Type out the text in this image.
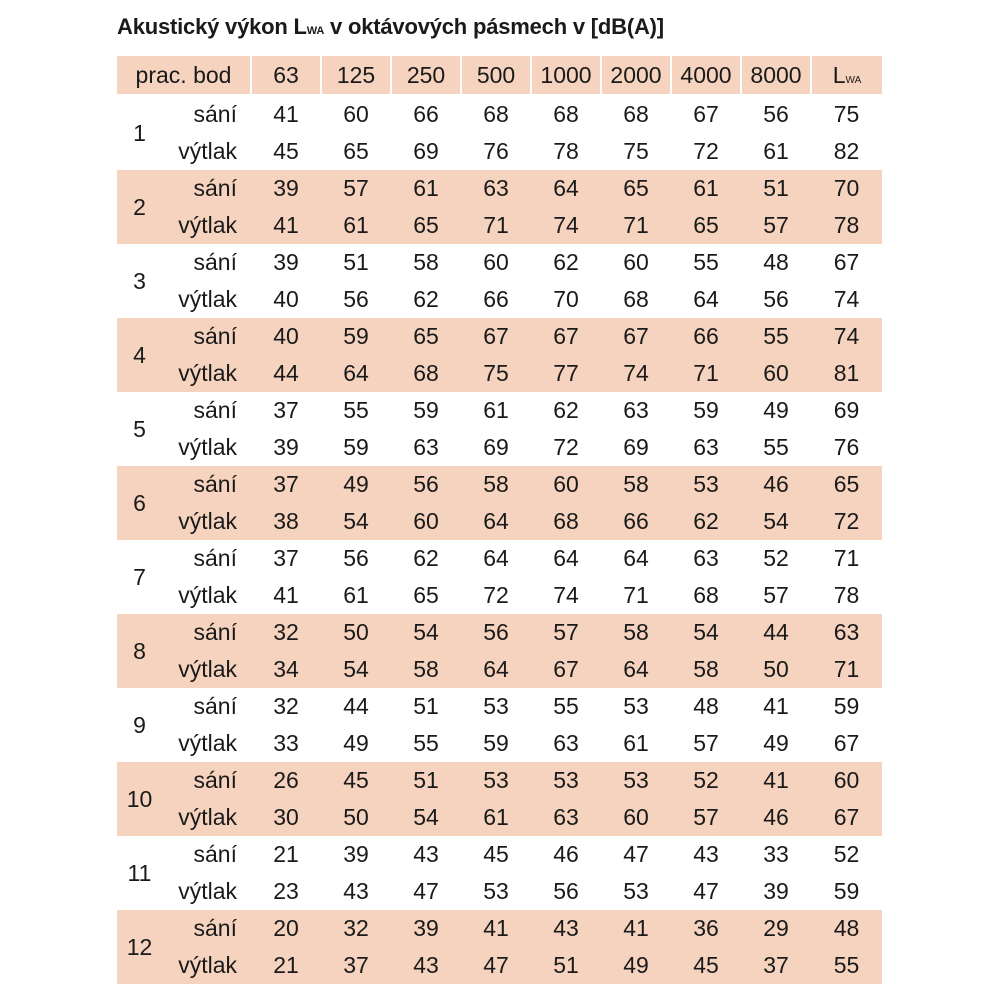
Akustický výkon LWA v oktávových pásmech v [dB(A)]
prac. bod		63	125	250	500	1000	2000	4000	8000	LWA
1	sání	41	60	66	68	68	68	67	56	75
	výtlak	45	65	69	76	78	75	72	61	82
2	sání	39	57	61	63	64	65	61	51	70
	výtlak	41	61	65	71	74	71	65	57	78
3	sání	39	51	58	60	62	60	55	48	67
	výtlak	40	56	62	66	70	68	64	56	74
4	sání	40	59	65	67	67	67	66	55	74
	výtlak	44	64	68	75	77	74	71	60	81
5	sání	37	55	59	61	62	63	59	49	69
	výtlak	39	59	63	69	72	69	63	55	76
6	sání	37	49	56	58	60	58	53	46	65
	výtlak	38	54	60	64	68	66	62	54	72
7	sání	37	56	62	64	64	64	63	52	71
	výtlak	41	61	65	72	74	71	68	57	78
8	sání	32	50	54	56	57	58	54	44	63
	výtlak	34	54	58	64	67	64	58	50	71
9	sání	32	44	51	53	55	53	48	41	59
	výtlak	33	49	55	59	63	61	57	49	67
10	sání	26	45	51	53	53	53	52	41	60
	výtlak	30	50	54	61	63	60	57	46	67
11	sání	21	39	43	45	46	47	43	33	52
	výtlak	23	43	47	53	56	53	47	39	59
12	sání	20	32	39	41	43	41	36	29	48
	výtlak	21	37	43	47	51	49	45	37	55
